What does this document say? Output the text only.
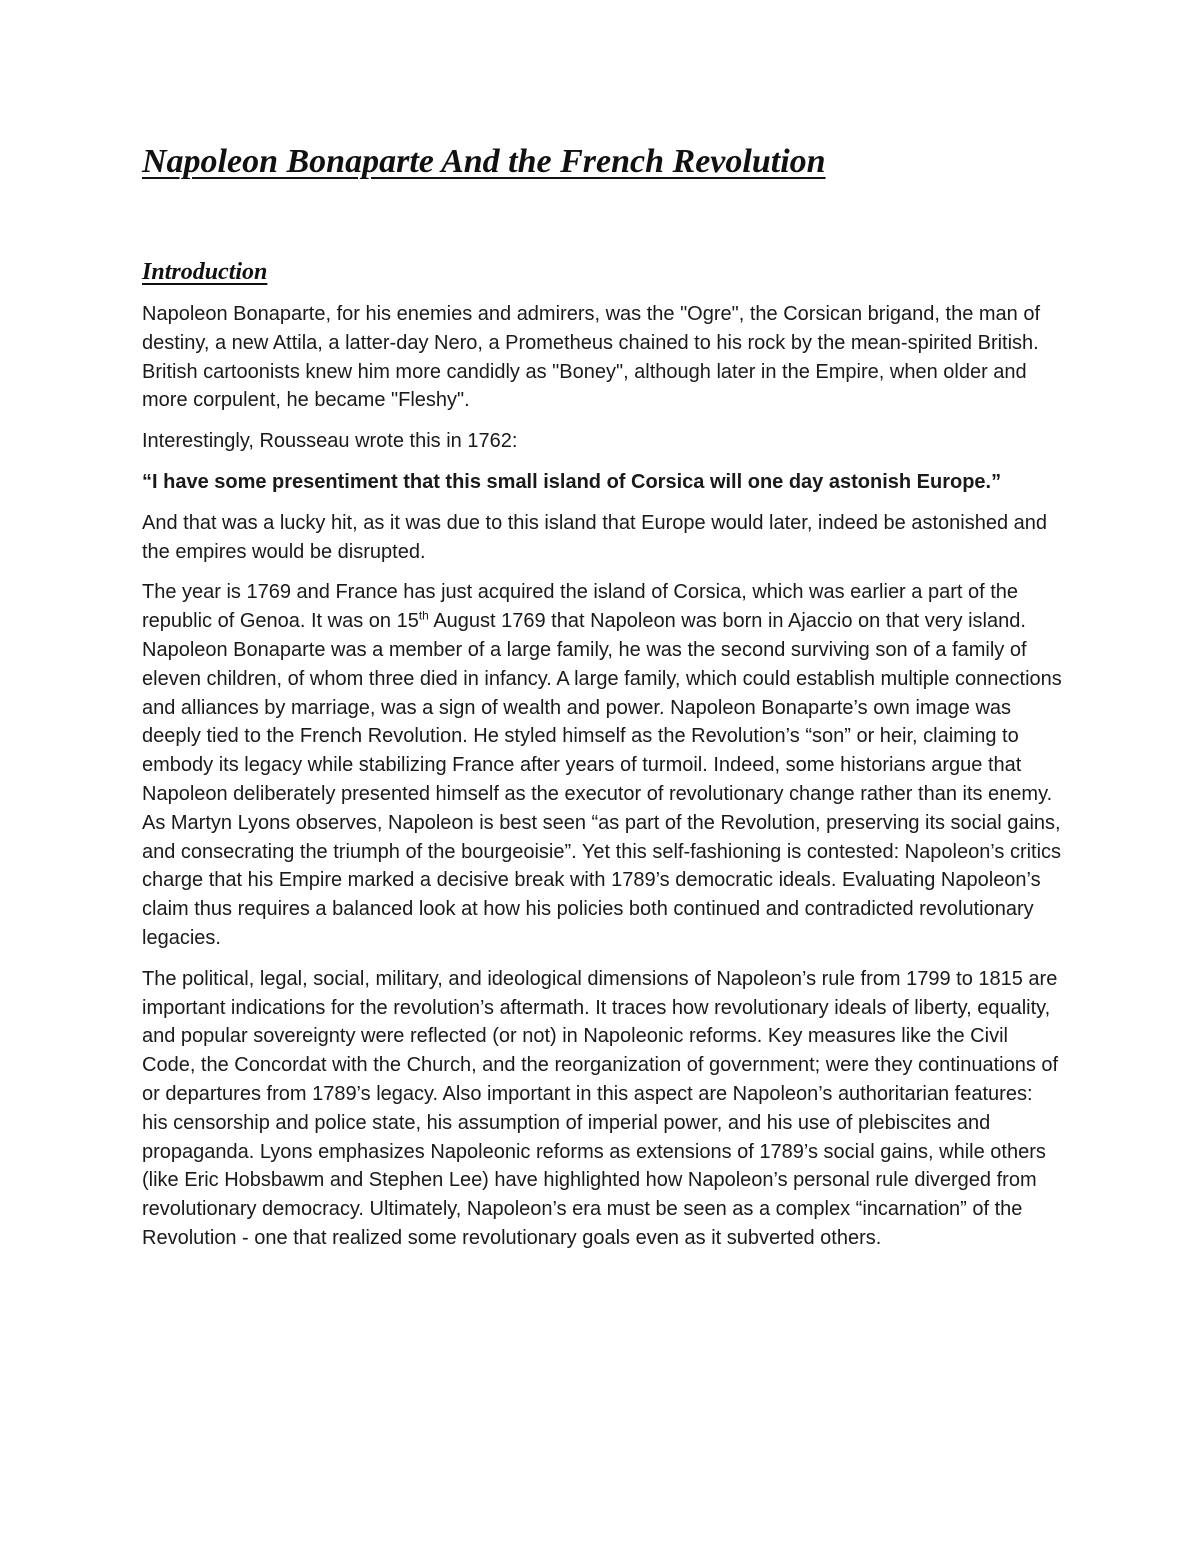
Napoleon Bonaparte And the French Revolution
Introduction

Napoleon Bonaparte, for his enemies and admirers, was the "Ogre", the Corsican brigand, the man of destiny, a new Attila, a latter-day Nero, a Prometheus chained to his rock by the mean-spirited British. British cartoonists knew him more candidly as "Boney", although later in the Empire, when older and more corpulent, he became "Fleshy".

Interestingly, Rousseau wrote this in 1762:

“I have some presentiment that this small island of Corsica will one day astonish Europe.”

And that was a lucky hit, as it was due to this island that Europe would later, indeed be astonished and the empires would be disrupted.

The year is 1769 and France has just acquired the island of Corsica, which was earlier a part of the republic of Genoa. It was on 15th August 1769 that Napoleon was born in Ajaccio on that very island. Napoleon Bonaparte was a member of a large family, he was the second surviving son of a family of eleven children, of whom three died in infancy. A large family, which could establish multiple connections and alliances by marriage, was a sign of wealth and power. Napoleon Bonaparte’s own image was deeply tied to the French Revolution. He styled himself as the Revolution’s “son” or heir, claiming to embody its legacy while stabilizing France after years of turmoil. Indeed, some historians argue that Napoleon deliberately presented himself as the executor of revolutionary change rather than its enemy. As Martyn Lyons observes, Napoleon is best seen “as part of the Revolution, preserving its social gains, and consecrating the triumph of the bourgeoisie”. Yet this self-fashioning is contested: Napoleon’s critics charge that his Empire marked a decisive break with 1789’s democratic ideals. Evaluating Napoleon’s claim thus requires a balanced look at how his policies both continued and contradicted revolutionary legacies.

The political, legal, social, military, and ideological dimensions of Napoleon’s rule from 1799 to 1815 are important indications for the revolution’s aftermath. It traces how revolutionary ideals of liberty, equality, and popular sovereignty were reflected (or not) in Napoleonic reforms. Key measures like the Civil Code, the Concordat with the Church, and the reorganization of government; were they continuations of or departures from 1789’s legacy. Also important in this aspect are Napoleon’s authoritarian features: his censorship and police state, his assumption of imperial power, and his use of plebiscites and propaganda. Lyons emphasizes Napoleonic reforms as extensions of 1789’s social gains, while others (like Eric Hobsbawm and Stephen Lee) have highlighted how Napoleon’s personal rule diverged from revolutionary democracy. Ultimately, Napoleon’s era must be seen as a complex “incarnation” of the Revolution - one that realized some revolutionary goals even as it subverted others.
